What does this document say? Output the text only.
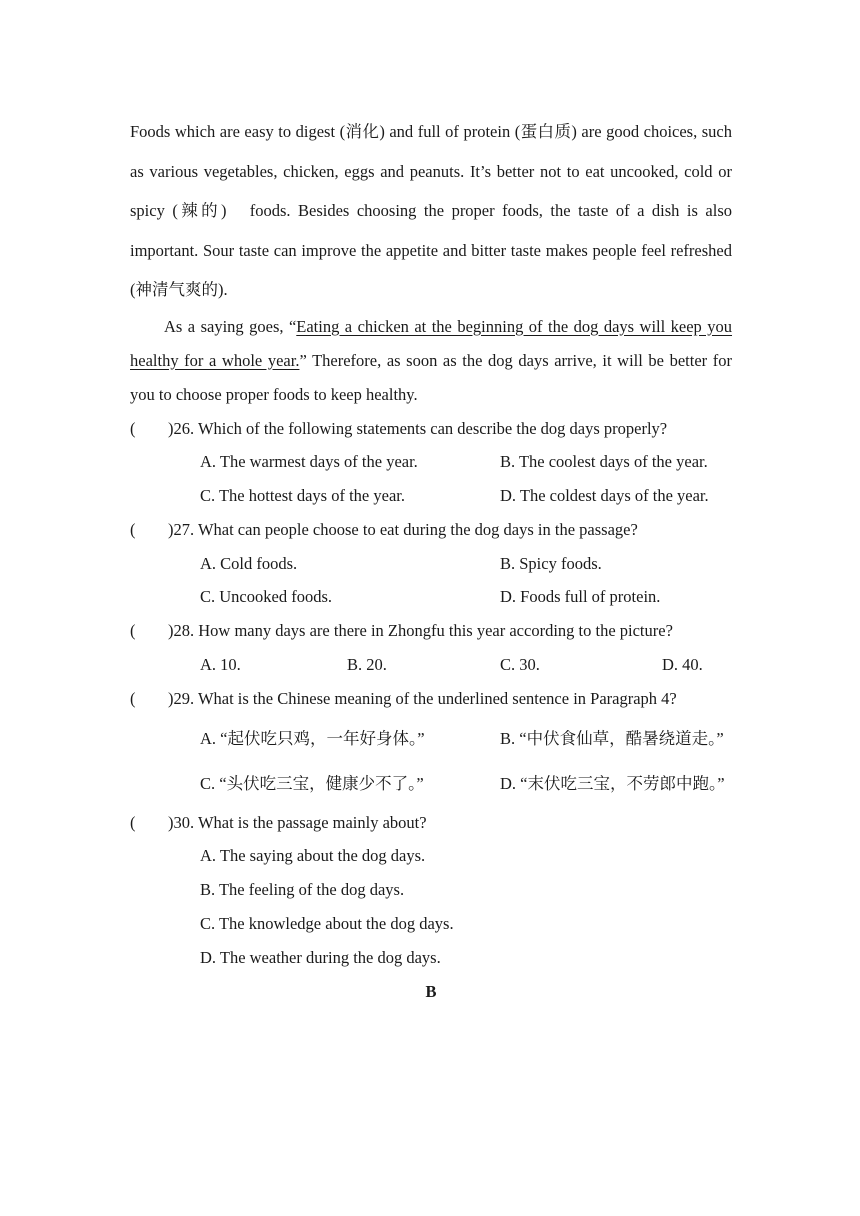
Foods which are easy to digest (消化) and full of protein (蛋白质) are good choices, such as various vegetables, chicken, eggs and peanuts. It’s better not to eat uncooked, cold or spicy (辣的)　foods. Besides choosing the proper foods, the taste of a dish is also important. Sour taste can improve the appetite and bitter taste makes people feel refreshed (神清气爽的).

As a saying goes, “Eating a chicken at the beginning of the dog days will keep you healthy for a whole year.” Therefore, as soon as the dog days arrive, it will be better for you to choose proper foods to keep healthy.

( )26. Which of the following statements can describe the dog days properly?
A. The warmest days of the year.	B. The coolest days of the year.
C. The hottest days of the year.	D. The coldest days of the year.
( )27. What can people choose to eat during the dog days in the passage?
A. Cold foods.	B. Spicy foods.
C. Uncooked foods.	D. Foods full of protein.
( )28. How many days are there in Zhongfu this year according to the picture?
A. 10.	B. 20.	C. 30.	D. 40.
( )29. What is the Chinese meaning of the underlined sentence in Paragraph 4?
A. “起伏吃只鸡，一年好身体。”	B. “中伏食仙草，酷暑绕道走。”
C. “头伏吃三宝，健康少不了。”	D. “末伏吃三宝，不劳郎中跑。”
( )30. What is the passage mainly about?
A. The saying about the dog days.
B. The feeling of the dog days.
C. The knowledge about the dog days.
D. The weather during the dog days.
B
